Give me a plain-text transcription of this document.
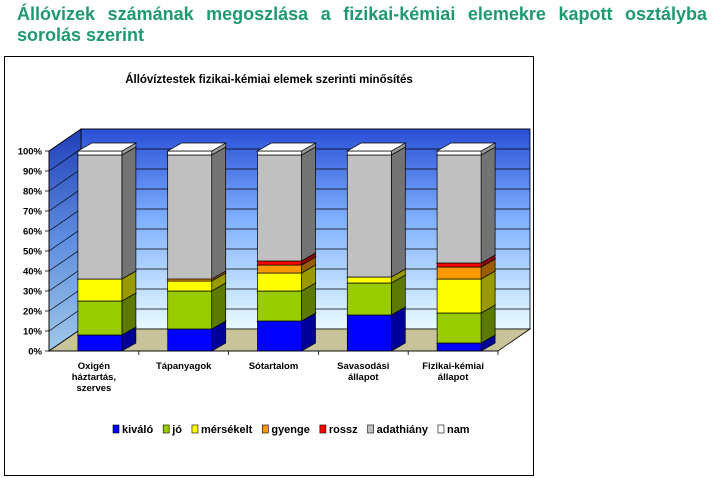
Állóvizek számának megoszlása a fizikai-kémiai elemekre kapott osztályba sorolás szerint
Állóvíztestek fizikai-kémiai elemek szerinti minősítés
0%
10%
20%
30%
40%
50%
60%
70%
80%
90%
100%
Oxigén
háztartás,
szerves
Tápanyagok	Sótartalom	Savasodási
állapot
Fizikai-kémiai
állapot
kiváló jó mérsékelt gyenge rossz adathiány nam
